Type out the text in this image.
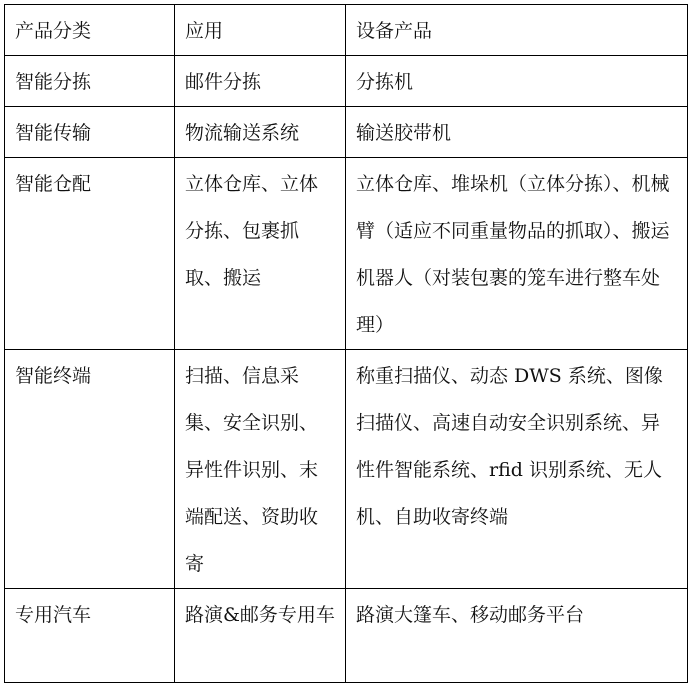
产品分类	应用	设备产品
智能分拣	邮件分拣	分拣机
智能传输	物流输送系统	输送胶带机
智能仓配	立体仓库、立体分拣、包裹抓取、搬运	立体仓库、堆垛机（立体分拣）、机械臂（适应不同重量物品的抓取）、搬运机器人（对装包裹的笼车进行整车处理）
智能终端	扫描、信息采集、安全识别、异性件识别、末端配送、资助收寄	称重扫描仪、动态 DWS 系统、图像扫描仪、高速自动安全识别系统、异性件智能系统、rfid 识别系统、无人机、自助收寄终端
专用汽车	路演&邮务专用车	路演大篷车、移动邮务平台
